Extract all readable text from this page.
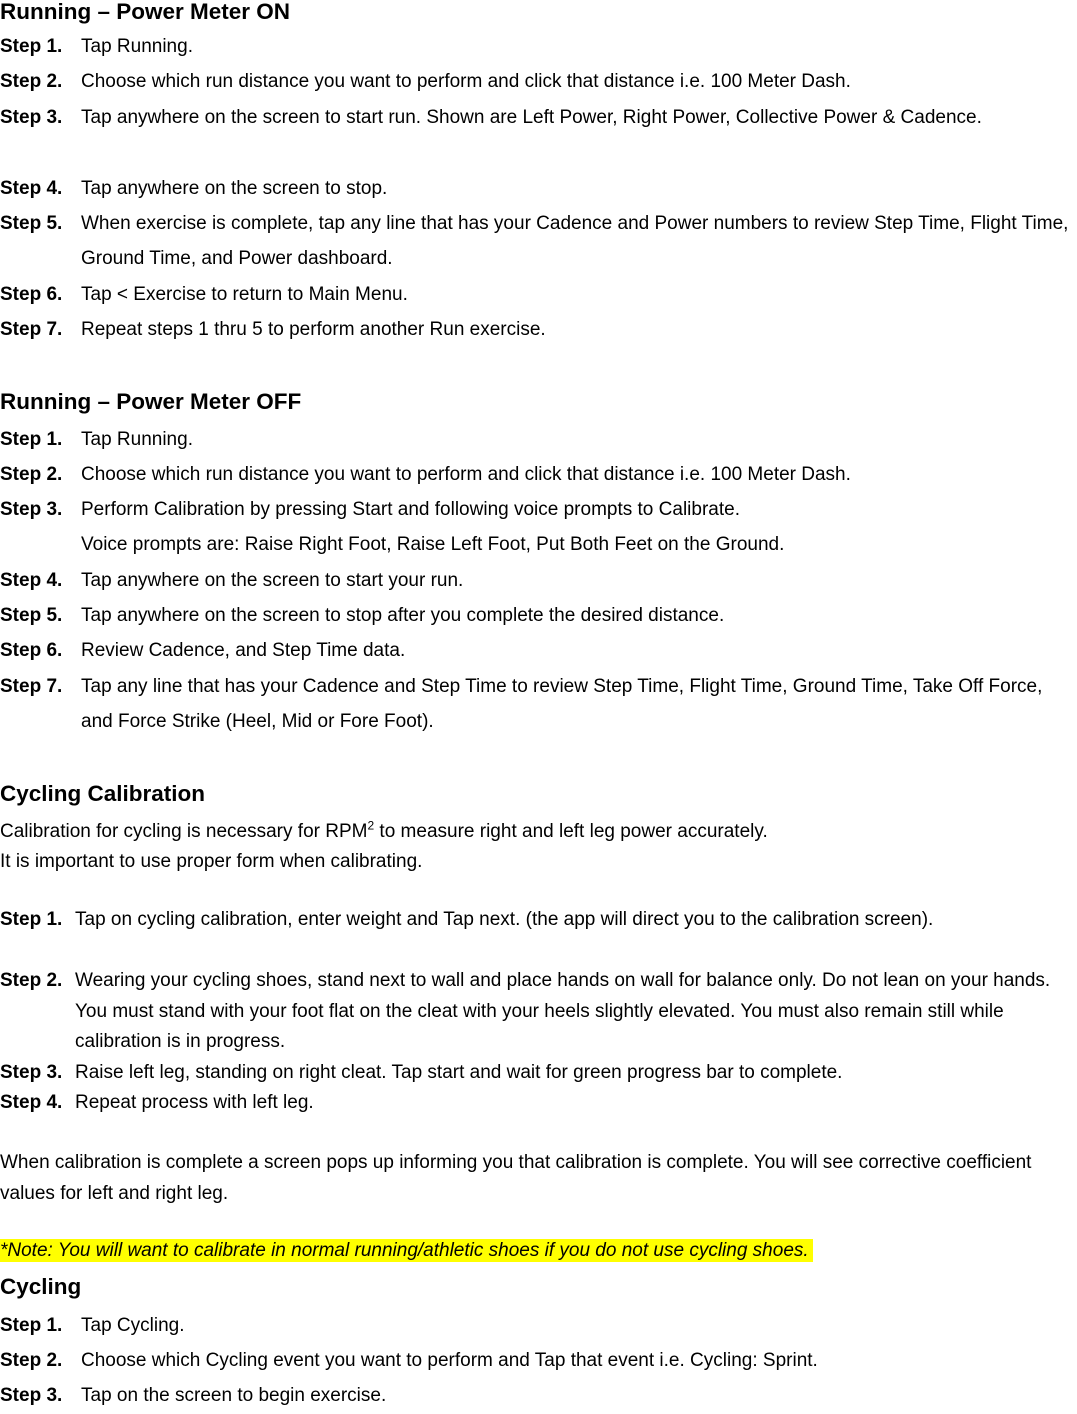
Running – Power Meter ON
Step 1. Tap Running.
Step 2. Choose which run distance you want to perform and click that distance i.e. 100 Meter Dash.
Step 3. Tap anywhere on the screen to start run. Shown are Left Power, Right Power, Collective Power & Cadence.
Step 4. Tap anywhere on the screen to stop.
Step 5. When exercise is complete, tap any line that has your Cadence and Power numbers to review Step Time, Flight Time, Ground Time, and Power dashboard.
Step 6. Tap < Exercise to return to Main Menu.
Step 7. Repeat steps 1 thru 5 to perform another Run exercise.
Running – Power Meter OFF
Step 1. Tap Running.
Step 2. Choose which run distance you want to perform and click that distance i.e. 100 Meter Dash.
Step 3. Perform Calibration by pressing Start and following voice prompts to Calibrate.
Voice prompts are: Raise Right Foot, Raise Left Foot, Put Both Feet on the Ground.
Step 4. Tap anywhere on the screen to start your run.
Step 5. Tap anywhere on the screen to stop after you complete the desired distance.
Step 6. Review Cadence, and Step Time data.
Step 7. Tap any line that has your Cadence and Step Time to review Step Time, Flight Time, Ground Time, Take Off Force, and Force Strike (Heel, Mid or Fore Foot).
Cycling Calibration
Calibration for cycling is necessary for RPM$^2$ to measure right and left leg power accurately.
It is important to use proper form when calibrating.
Step 1. Tap on cycling calibration, enter weight and Tap next. (the app will direct you to the calibration screen).
Step 2. Wearing your cycling shoes, stand next to wall and place hands on wall for balance only. Do not lean on your hands. You must stand with your foot flat on the cleat with your heels slightly elevated. You must also remain still while calibration is in progress.
Step 3. Raise left leg, standing on right cleat. Tap start and wait for green progress bar to complete.
Step 4. Repeat process with left leg.
When calibration is complete a screen pops up informing you that calibration is complete. You will see corrective coefficient values for left and right leg.
*Note: You will want to calibrate in normal running/athletic shoes if you do not use cycling shoes.
Cycling
Step 1. Tap Cycling.
Step 2. Choose which Cycling event you want to perform and Tap that event i.e. Cycling: Sprint.
Step 3. Tap on the screen to begin exercise.
